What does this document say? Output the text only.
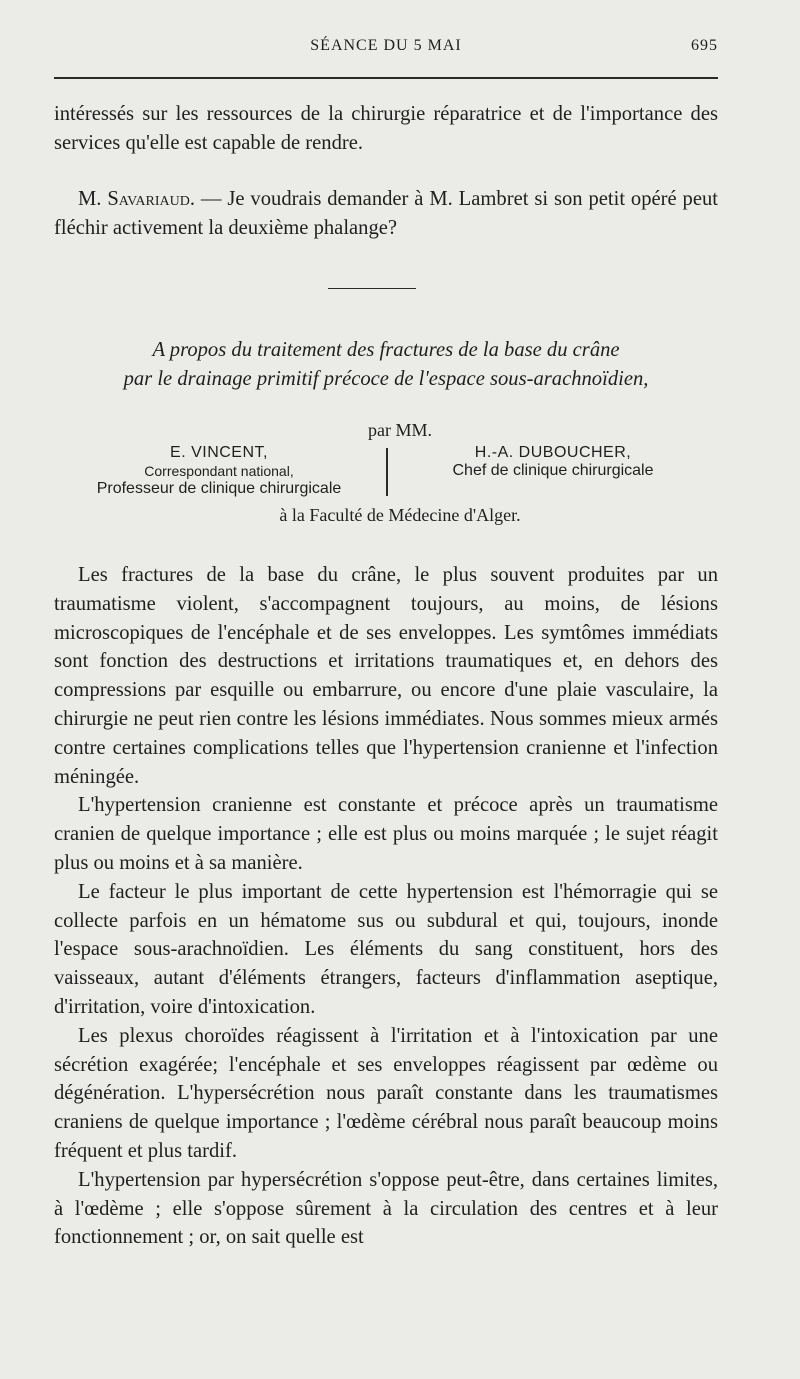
SÉANCE DU 5 MAI	695

intéressés sur les ressources de la chirurgie réparatrice et de l'importance des services qu'elle est capable de rendre.

M. Savariaud. — Je voudrais demander à M. Lambret si son petit opéré peut fléchir activement la deuxième phalange?

A propos du traitement des fractures de la base du crâne
par le drainage primitif précoce de l'espace sous-arachnoïdien,
par MM.
E. VINCENT,
Correspondant national,
Professeur de clinique chirurgicale
H.-A. DUBOUCHER,
Chef de clinique chirurgicale
à la Faculté de Médecine d'Alger.

Les fractures de la base du crâne, le plus souvent produites par un traumatisme violent, s'accompagnent toujours, au moins, de lésions microscopiques de l'encéphale et de ses enveloppes. Les symtômes immédiats sont fonction des destructions et irritations traumatiques et, en dehors des compressions par esquille ou embarrure, ou encore d'une plaie vasculaire, la chirurgie ne peut rien contre les lésions immédiates. Nous sommes mieux armés contre certaines complications telles que l'hypertension cranienne et l'infection méningée.

L'hypertension cranienne est constante et précoce après un traumatisme cranien de quelque importance ; elle est plus ou moins marquée ; le sujet réagit plus ou moins et à sa manière.

Le facteur le plus important de cette hypertension est l'hémorragie qui se collecte parfois en un hématome sus ou subdural et qui, toujours, inonde l'espace sous-arachnoïdien. Les éléments du sang constituent, hors des vaisseaux, autant d'éléments étrangers, facteurs d'inflammation aseptique, d'irritation, voire d'intoxication.

Les plexus choroïdes réagissent à l'irritation et à l'intoxication par une sécrétion exagérée; l'encéphale et ses enveloppes réagissent par œdème ou dégénération. L'hypersécrétion nous paraît constante dans les traumatismes craniens de quelque importance ; l'œdème cérébral nous paraît beaucoup moins fréquent et plus tardif.

L'hypertension par hypersécrétion s'oppose peut-être, dans certaines limites, à l'œdème ; elle s'oppose sûrement à la circulation des centres et à leur fonctionnement ; or, on sait quelle est
